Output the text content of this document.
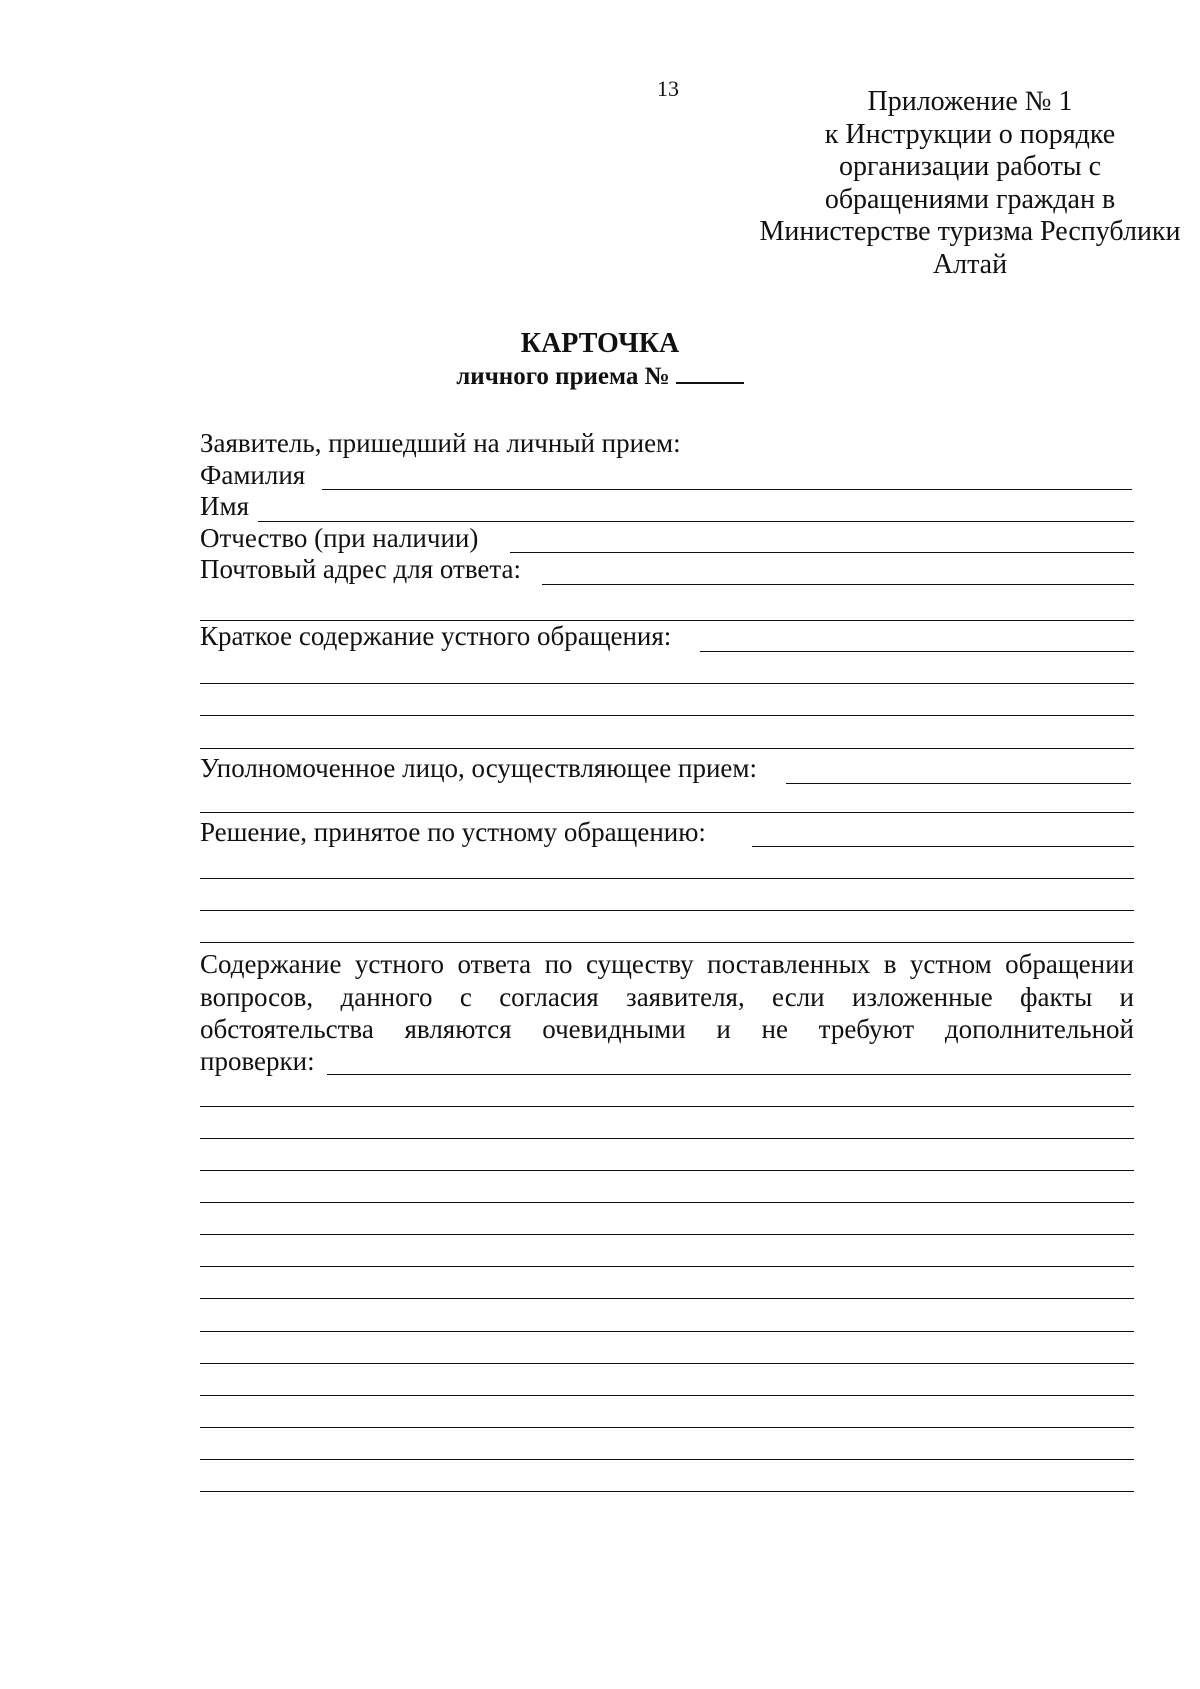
13	Приложение № 1
к Инструкции о порядке
организации работы с
обращениями граждан в
Министерстве туризма Республики
Алтай
КАРТОЧКА
личного приема №
Заявитель, пришедший на личный прием:
Фамилия
Имя
Отчество (при наличии)
Почтовый адрес для ответа:
Краткое содержание устного обращения:
Уполномоченное лицо, осуществляющее прием:
Решение, принятое по устному обращению:
Содержание устного ответа по существу поставленных в устном обращении вопросов, данного с согласия заявителя, если изложенные факты и обстоятельства являются очевидными и не требуют дополнительной
проверки:
